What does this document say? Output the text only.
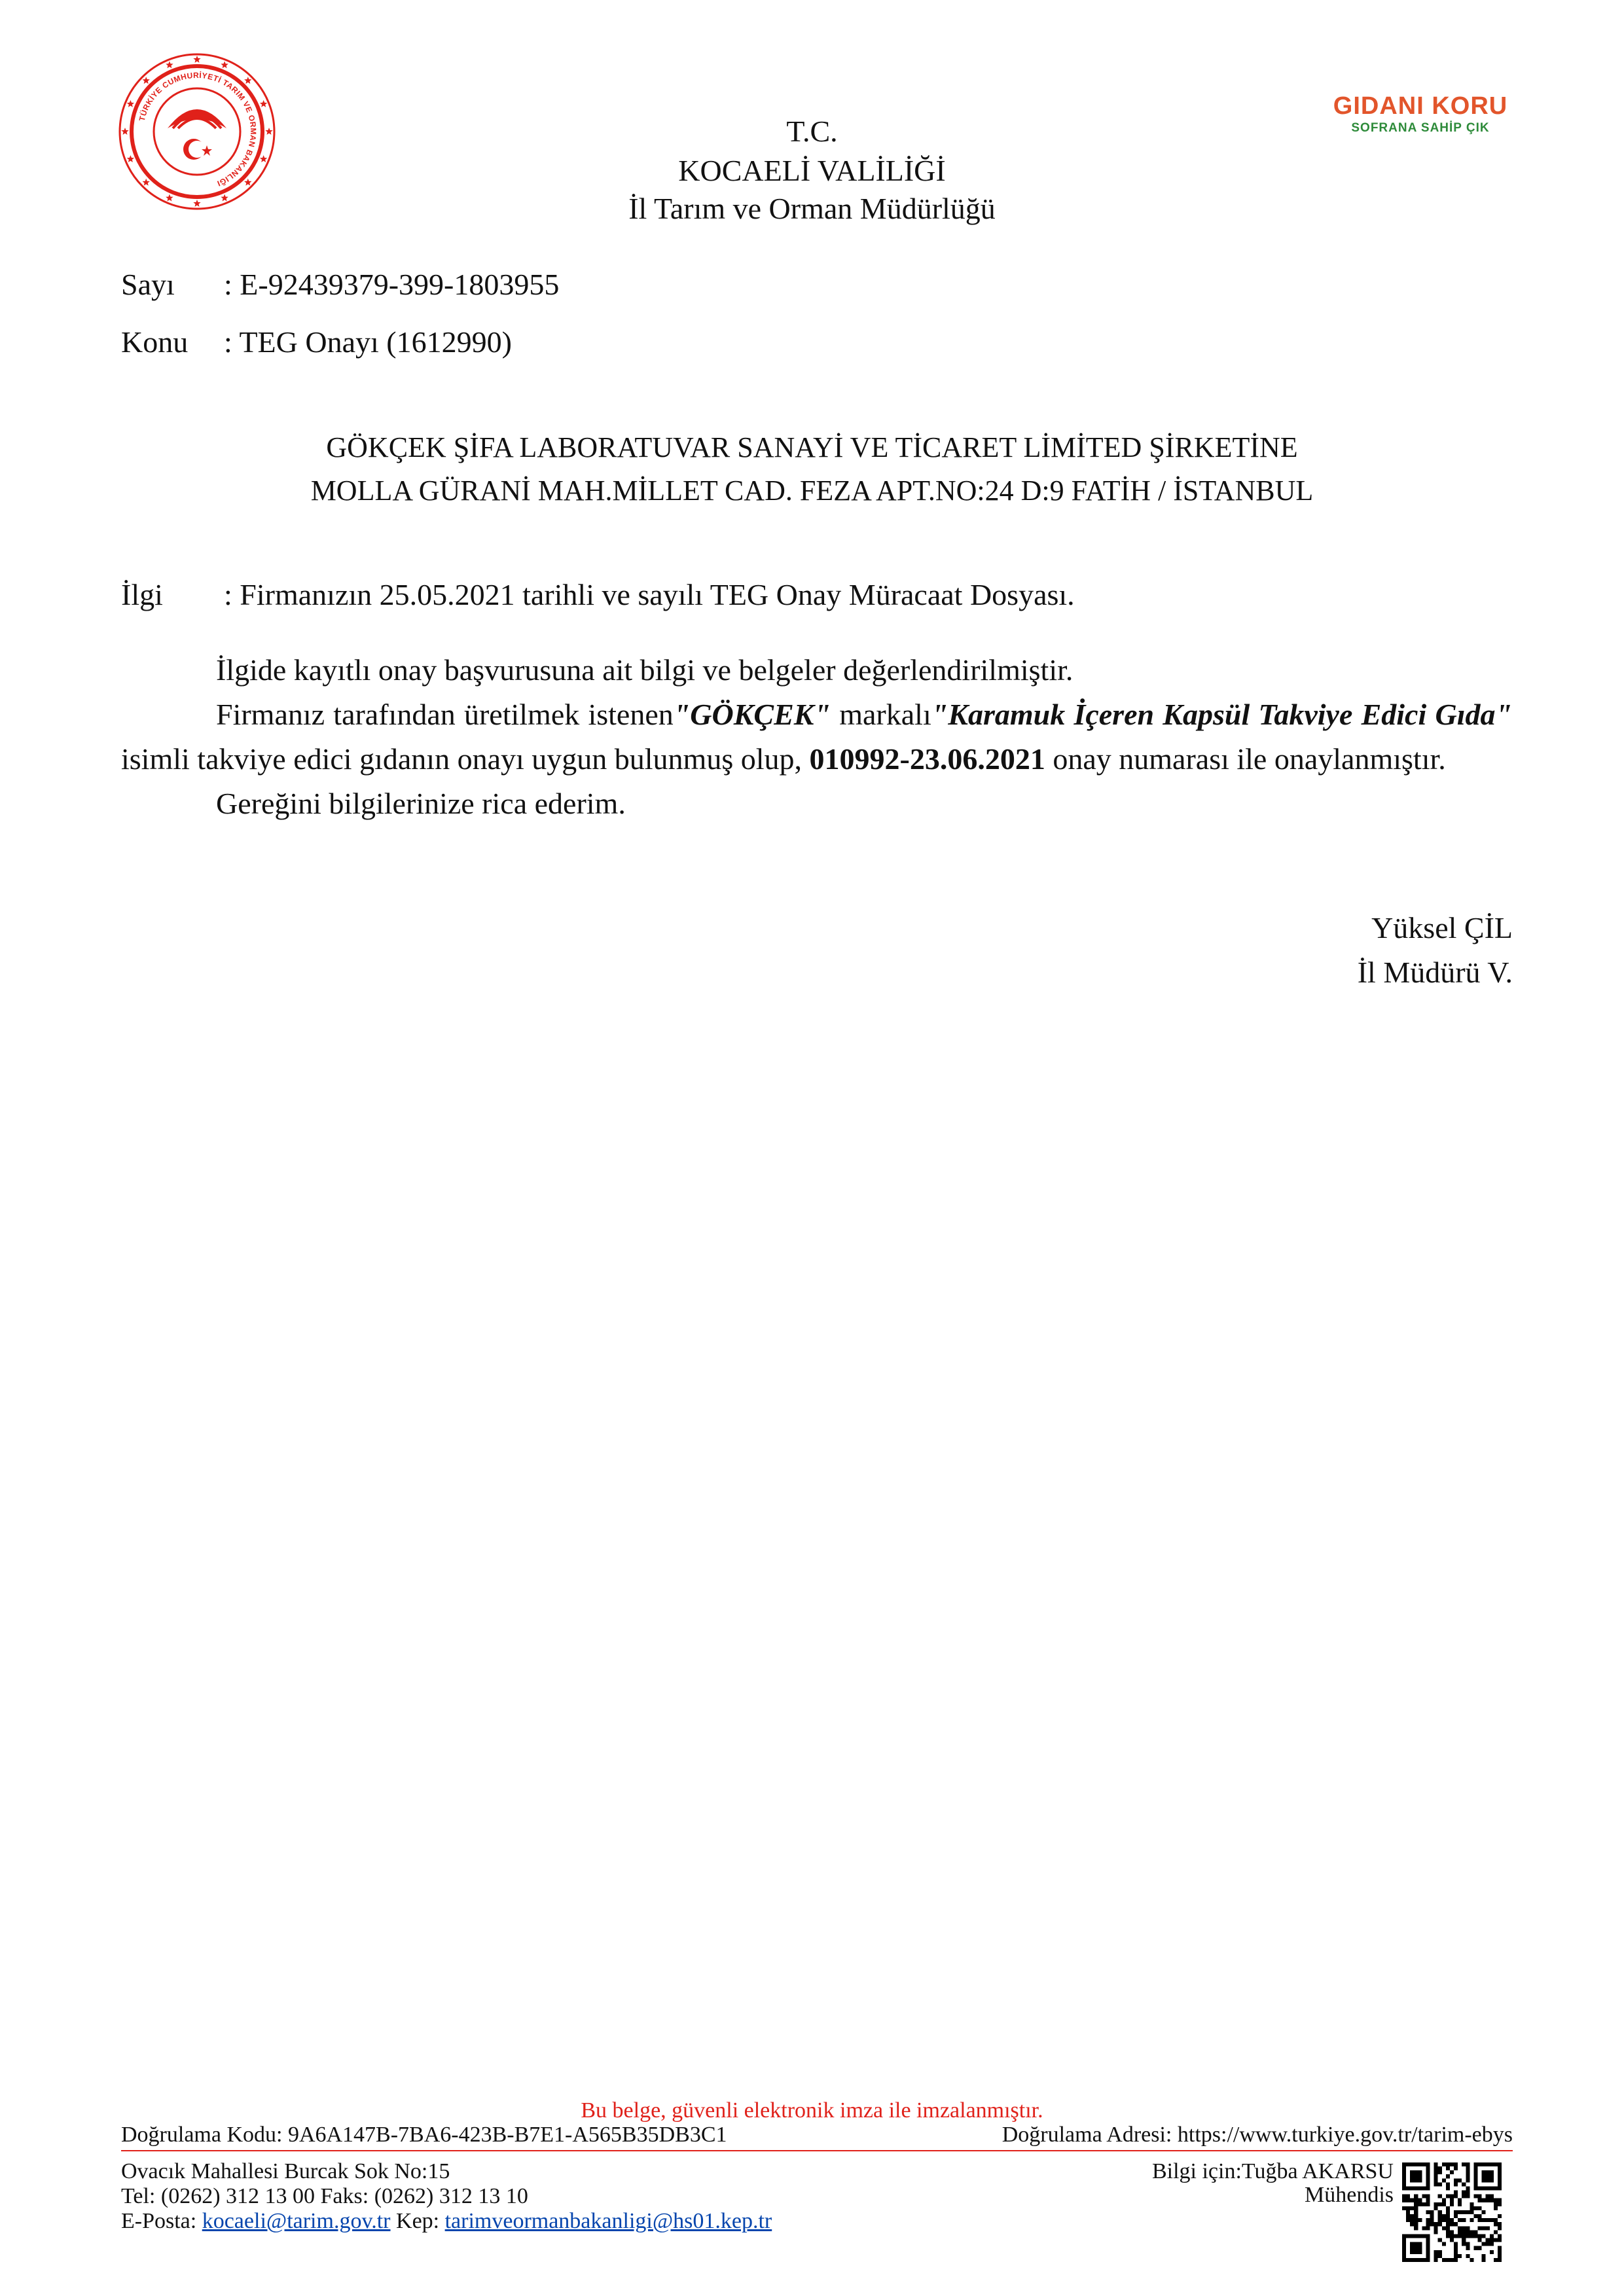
TÜRKİYE CUMHURİYETİ TARIM VE ORMAN BAKANLIĞI
GIDANI KORU
SOFRANA SAHİP ÇIK
T.C.
KOCAELİ VALİLİĞİ
İl Tarım ve Orman Müdürlüğü
Sayı : E-92439379-399-1803955
Konu : TEG Onayı (1612990)
GÖKÇEK ŞİFA LABORATUVAR SANAYİ VE TİCARET LİMİTED ŞİRKETİNE
MOLLA GÜRANİ MAH.MİLLET CAD. FEZA APT.NO:24 D:9 FATİH / İSTANBUL
İlgi : Firmanızın 25.05.2021 tarihli ve sayılı TEG Onay Müracaat Dosyası.

İlgide kayıtlı onay başvurusuna ait bilgi ve belgeler değerlendirilmiştir.

Firmanız tarafından üretilmek istenen"GÖKÇEK" markalı"Karamuk İçeren Kapsül Takviye Edici Gıda" isimli takviye edici gıdanın onayı uygun bulunmuş olup, 010992-23.06.2021 onay numarası ile onaylanmıştır.

Gereğini bilgilerinize rica ederim.

Yüksel ÇİL
İl Müdürü V.
Bu belge, güvenli elektronik imza ile imzalanmıştır.
Doğrulama Kodu: 9A6A147B-7BA6-423B-B7E1-A565B35DB3C1	Doğrulama Adresi: https://www.turkiye.gov.tr/tarim-ebys
Ovacık Mahallesi Burcak Sok No:15
Tel: (0262) 312 13 00 Faks: (0262) 312 13 10
E-Posta: kocaeli@tarim.gov.tr Kep: tarimveormanbakanligi@hs01.kep.tr
Bilgi için:Tuğba AKARSU
Mühendis
